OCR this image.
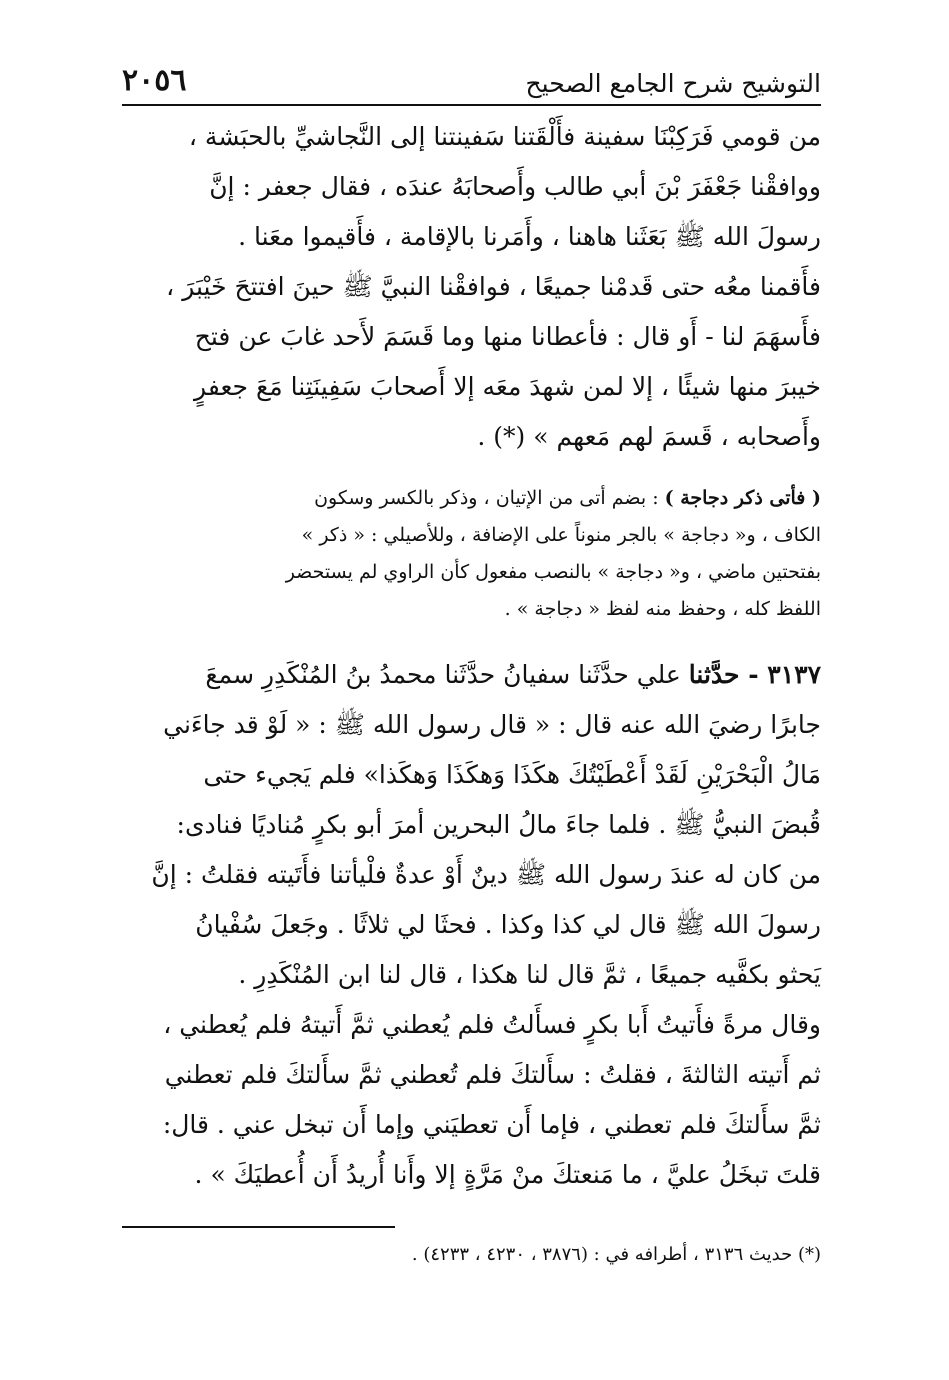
التوشيح شرح الجامع الصحيح
٢٠٥٦

من قومي فَرَكِبْنَا سفينة فأَلْقَتنا سَفينتنا إلى النَّجاشيِّ بالحبَشة ،
ووافقْنا جَعْفَرَ بْنَ أبي طالب وأَصحابَهُ عندَه ، فقال جعفر : إنَّ
رسولَ الله ﷺ بَعَثَنا هاهنا ، وأَمَرنا بالإقامة ، فأَقيموا معَنا .
فأَقمنا معُه حتى قَدمْنا جميعًا ، فوافقْنا النبيَّ ﷺ حينَ افتتحَ خَيْبَرَ ،
فأَسهَمَ لنا - أَو قال : فأعطانا منها وما قَسَمَ لأَحد غابَ عن فتح
خيبرَ منها شيئًا ، إلا لمن شهدَ معَه إلا أَصحابَ سَفِينَتِنا مَعَ جعفرٍ
وأَصحابه ، قَسمَ لهم مَعهم » (*) .

( فأتى ذكر دجاجة ) : بضم أتى من الإتيان ، وذكر بالكسر وسكون
الكاف ، و« دجاجة » بالجر منوناً على الإضافة ، وللأصيلي : « ذكر »
بفتحتين ماضي ، و« دجاجة » بالنصب مفعول كأن الراوي لم يستحضر
اللفظ كله ، وحفظ منه لفظ « دجاجة » .

٣١٣٧ - حدَّثنا علي حدَّثَنا سفيانُ حدَّثَنا محمدُ بنُ المُنْكَدِرِ سمعَ
جابرًا رضيَ الله عنه قال : « قال رسول الله ﷺ : « لَوْ قد جاءَني
مَالُ الْبَحْرَيْنِ لَقَدْ أَعْطَيْتُكَ هكَذَا وَهكَذَا وَهكَذا» فلم يَجيء حتى
قُبضَ النبيُّ ﷺ . فلما جاءَ مالُ البحرين أمرَ أبو بكرٍ مُناديًا فنادى:
من كان له عندَ رسول الله ﷺ دينٌ أَوْ عدةٌ فلْيأتنا فأَتَيته فقلتُ : إنَّ
رسولَ الله ﷺ قال لي كذا وكذا . فحثَا لي ثلاثًا . وجَعلَ سُفْيانُ
يَحثو بكفَّيه جميعًا ، ثمَّ قال لنا هكذا ، قال لنا ابن المُنْكَدِرِ .
وقال مرةً فأَتيتُ أَبا بكرٍ فسأَلتُ فلم يُعطني ثمَّ أَتيتهُ فلم يُعطني ،
ثم أَتيته الثالثةَ ، فقلتُ : سأَلتكَ فلم تُعطني ثمَّ سأَلتكَ فلم تعطني
ثمَّ سأَلتكَ فلم تعطني ، فإما أَن تعطيَني وإما أَن تبخل عني . قال:
قلتَ تبخَلُ عليَّ ، ما مَنعتكَ منْ مَرَّةٍ إلا وأَنا أُريدُ أَن أُعطيَكَ » .

(*) حديث ٣١٣٦ ، أطرافه في : (٣٨٧٦ ، ٤٢٣٠ ، ٤٢٣٣) .
